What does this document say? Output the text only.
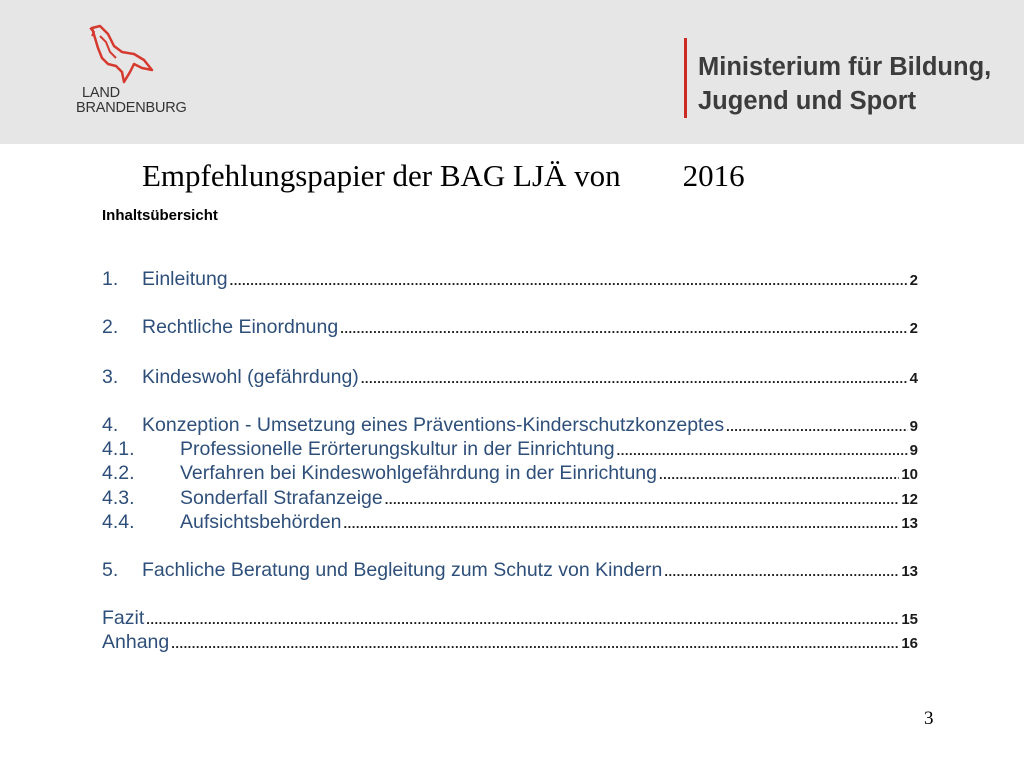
LAND
BRANDENBURG
Ministerium für Bildung,
Jugend und Sport
Empfehlungspapier der BAG LJÄ von        2016
Inhaltsübersicht
1.	Einleitung .....	2
2.	Rechtliche Einordnung .....	2
3.	Kindeswohl (gefährdung) .....	4
4.	Konzeption - Umsetzung eines Präventions-Kinderschutzkonzeptes .....	9
4.1.	Professionelle Erörterungskultur in der Einrichtung .....	9
4.2.	Verfahren bei Kindeswohlgefährdung in der Einrichtung .....	10
4.3.	Sonderfall Strafanzeige .....	12
4.4.	Aufsichtsbehörden .....	13
5.	Fachliche Beratung und Begleitung zum Schutz von Kindern .....	13
Fazit .....	15
Anhang .....	16
3
